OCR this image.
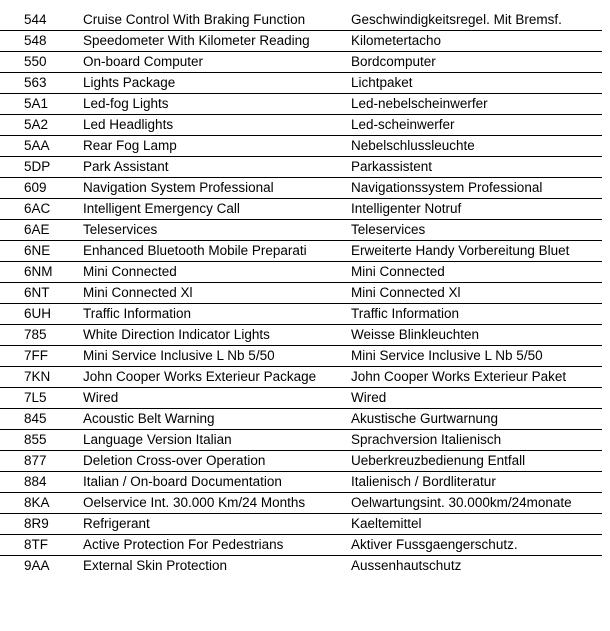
544	Cruise Control With Braking Function	Geschwindigkeitsregel. Mit Bremsf.
548	Speedometer With Kilometer Reading	Kilometertacho
550	On-board Computer	Bordcomputer
563	Lights Package	Lichtpaket
5A1	Led-fog Lights	Led-nebelscheinwerfer
5A2	Led Headlights	Led-scheinwerfer
5AA	Rear Fog Lamp	Nebelschlussleuchte
5DP	Park Assistant	Parkassistent
609	Navigation System Professional	Navigationssystem Professional
6AC	Intelligent Emergency Call	Intelligenter Notruf
6AE	Teleservices	Teleservices
6NE	Enhanced Bluetooth Mobile Preparati	Erweiterte Handy Vorbereitung Bluet
6NM	Mini Connected	Mini Connected
6NT	Mini Connected Xl	Mini Connected Xl
6UH	Traffic Information	Traffic Information
785	White Direction Indicator Lights	Weisse Blinkleuchten
7FF	Mini Service Inclusive L Nb 5/50	Mini Service Inclusive L Nb 5/50
7KN	John Cooper Works Exterieur Package	John Cooper Works Exterieur Paket
7L5	Wired	Wired
845	Acoustic Belt Warning	Akustische Gurtwarnung
855	Language Version Italian	Sprachversion Italienisch
877	Deletion Cross-over Operation	Ueberkreuzbedienung Entfall
884	Italian / On-board Documentation	Italienisch / Bordliteratur
8KA	Oelservice Int. 30.000 Km/24 Months	Oelwartungsint. 30.000km/24monate
8R9	Refrigerant	Kaeltemittel
8TF	Active Protection For Pedestrians	Aktiver Fussgaengerschutz.
9AA	External Skin Protection	Aussenhautschutz
